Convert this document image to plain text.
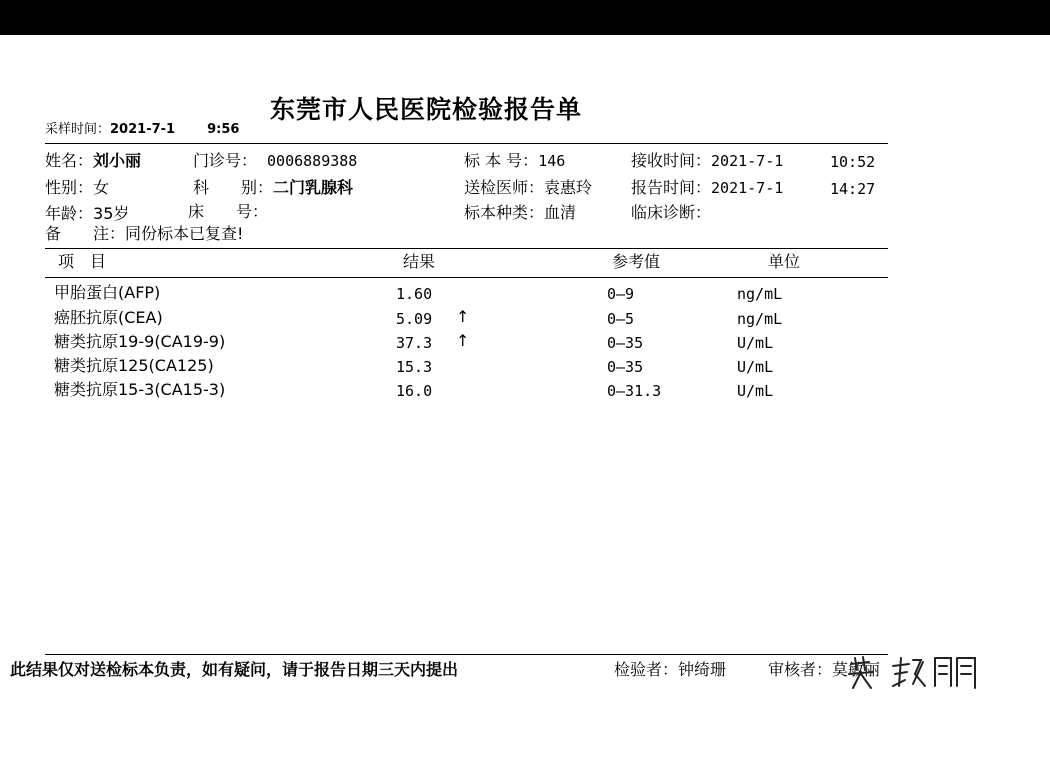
东莞市人民医院检验报告单
采样时间：2021-7-1 9:56
姓名：刘小丽	门诊号： 0006889388	标 本 号：146	接收时间：2021-7-1	10:52
性别：女	科　　别：二门乳腺科	送检医师：袁惠玲 报告时间：2021-7-1	14:27
年龄：35岁	床　　号：	标本种类：血清	临床诊断：
备　　注：同份标本已复查!
项　目	结果	参考值	单位
甲胎蛋白(AFP)	1.60	0—9	ng/mL
癌胚抗原(CEA)	5.09 ↑	0—5	ng/mL
糖类抗原19-9(CA19-9)	37.3 ↑	0—35	U/mL
糖类抗原125(CA125)	15.3	0—35	U/mL
糖类抗原15-3(CA15-3)	16.0	0—31.3	U/mL
此结果仅对送检标本负责，如有疑问，请于报告日期三天内提出	检验者：钟绮珊	审核者：莫敏丽
